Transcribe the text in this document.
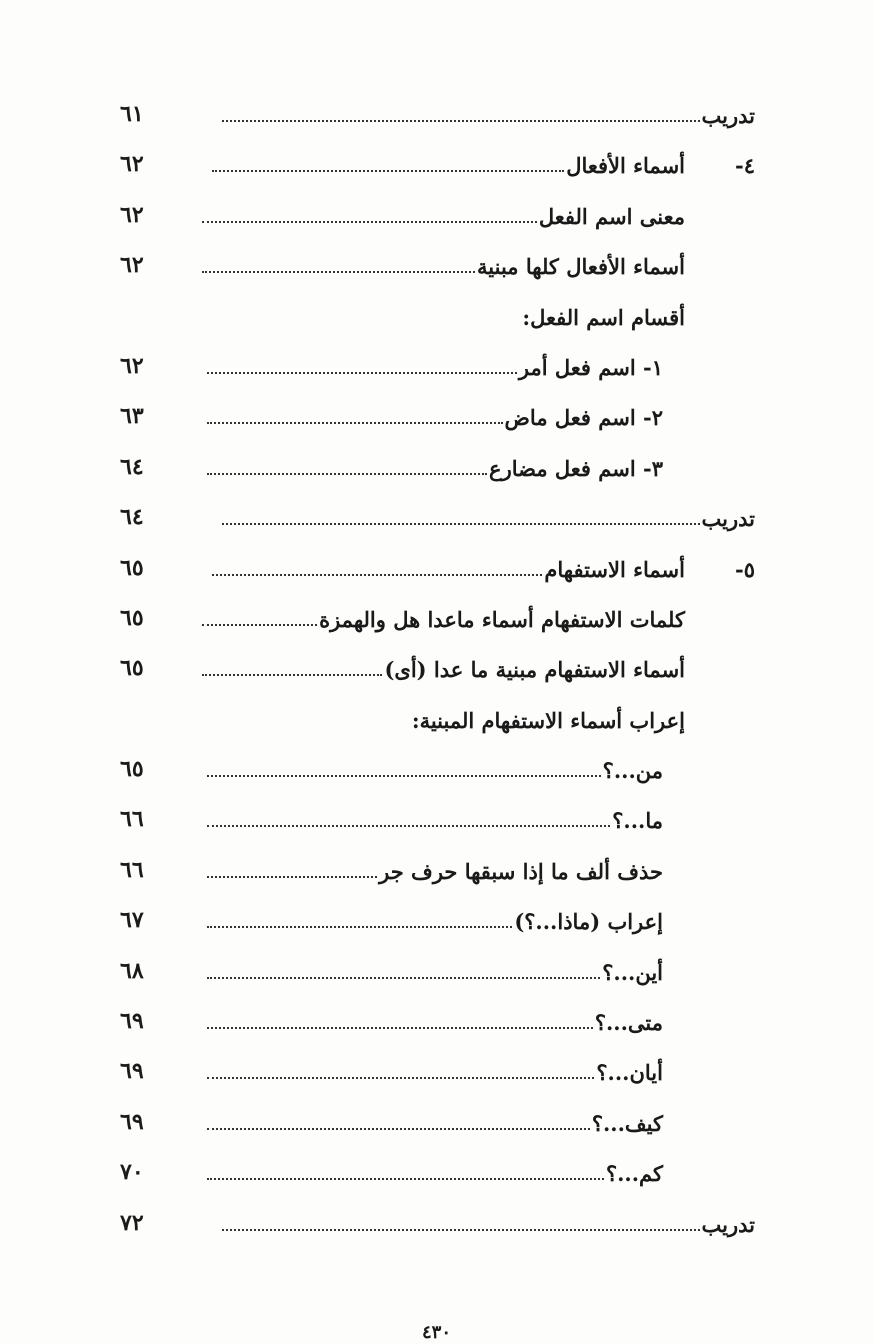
تدريب
٦١
٤-
أسماء الأفعال
٦٢
معنى اسم الفعل
٦٢
أسماء الأفعال كلها مبنية
٦٢
أقسام اسم الفعل:
١- اسم فعل أمر
٦٢
٢- اسم فعل ماض
٦٣
٣- اسم فعل مضارع
٦٤
تدريب
٦٤
٥-
أسماء الاستفهام
٦٥
كلمات الاستفهام أسماء ماعدا هل والهمزة
٦٥
أسماء الاستفهام مبنية ما عدا (أى)
٦٥
إعراب أسماء الاستفهام المبنية:
من...؟
٦٥
ما...؟
٦٦
حذف ألف ما إذا سبقها حرف جر
٦٦
إعراب (ماذا...؟)
٦٧
أين...؟
٦٨
متى...؟
٦٩
أيان...؟
٦٩
كيف...؟
٦٩
كم...؟
٧٠
تدريب
٧٢
٤٣٠
